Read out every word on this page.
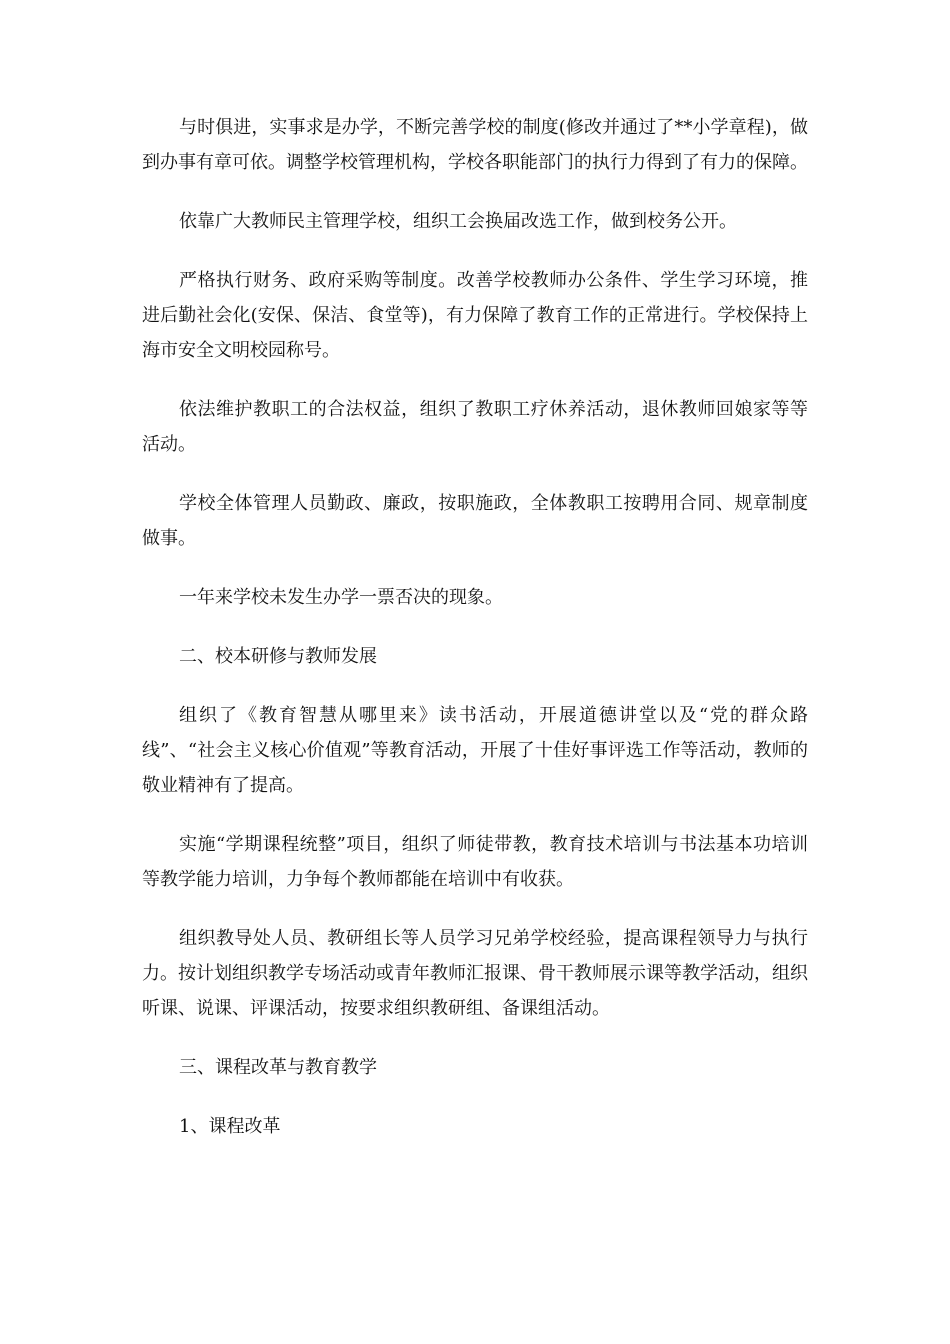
与时俱进，实事求是办学，不断完善学校的制度(修改并通过了**小学章程)，做到办事有章可依。调整学校管理机构，学校各职能部门的执行力得到了有力的保障。

依靠广大教师民主管理学校，组织工会换届改选工作，做到校务公开。

严格执行财务、政府采购等制度。改善学校教师办公条件、学生学习环境，推进后勤社会化(安保、保洁、食堂等)，有力保障了教育工作的正常进行。学校保持上海市安全文明校园称号。

依法维护教职工的合法权益，组织了教职工疗休养活动，退休教师回娘家等等活动。

学校全体管理人员勤政、廉政，按职施政，全体教职工按聘用合同、规章制度做事。

一年来学校未发生办学一票否决的现象。

二、校本研修与教师发展

组织了《教育智慧从哪里来》读书活动，开展道德讲堂以及“党的群众路线”、“社会主义核心价值观”等教育活动，开展了十佳好事评选工作等活动，教师的敬业精神有了提高。

实施“学期课程统整”项目，组织了师徒带教，教育技术培训与书法基本功培训等教学能力培训，力争每个教师都能在培训中有收获。

组织教导处人员、教研组长等人员学习兄弟学校经验，提高课程领导力与执行力。按计划组织教学专场活动或青年教师汇报课、骨干教师展示课等教学活动，组织听课、说课、评课活动，按要求组织教研组、备课组活动。

三、课程改革与教育教学

1、课程改革
